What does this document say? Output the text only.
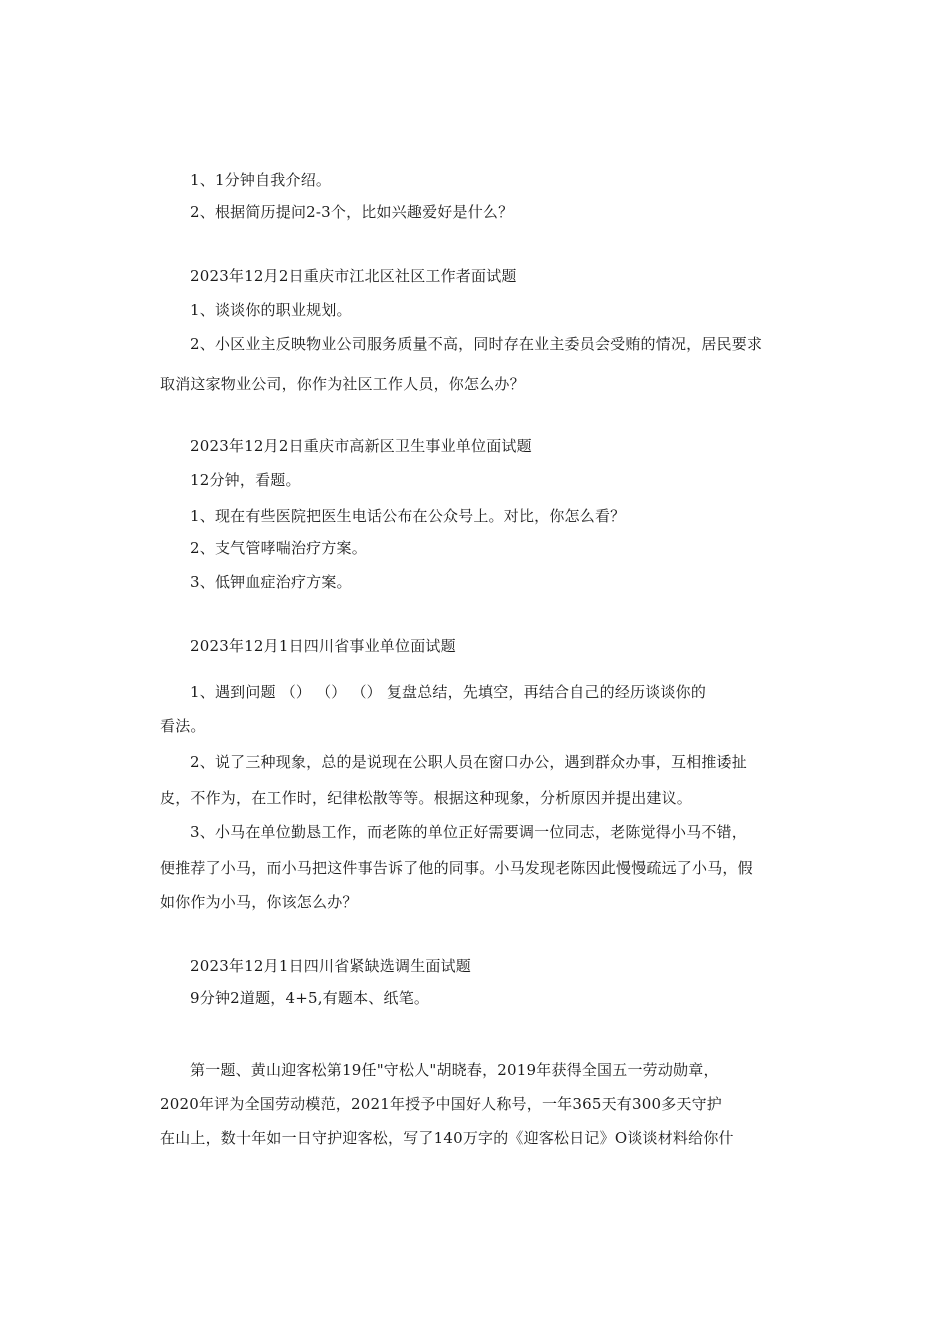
1、1分钟自我介绍。
2、根据简历提问2-3个，比如兴趣爱好是什么？
2023年12月2日重庆市江北区社区工作者面试题
1、谈谈你的职业规划。
2、小区业主反映物业公司服务质量不高，同时存在业主委员会受贿的情况，居民要求
取消这家物业公司，你作为社区工作人员，你怎么办？
2023年12月2日重庆市高新区卫生事业单位面试题
12分钟，看题。
1、现在有些医院把医生电话公布在公众号上。对比，你怎么看？
2、支气管哮喘治疗方案。
3、低钾血症治疗方案。
2023年12月1日四川省事业单位面试题
1、遇到问题 （） （） （） 复盘总结，先填空，再结合自己的经历谈谈你的
看法。
2、说了三种现象，总的是说现在公职人员在窗口办公，遇到群众办事，互相推诿扯
皮，不作为，在工作时，纪律松散等等。根据这种现象，分析原因并提出建议。
3、小马在单位勤恳工作，而老陈的单位正好需要调一位同志，老陈觉得小马不错，
便推荐了小马，而小马把这件事告诉了他的同事。小马发现老陈因此慢慢疏远了小马，假
如你作为小马，你该怎么办？
2023年12月1日四川省紧缺选调生面试题
9分钟2道题，4+5,有题本、纸笔。
第一题、黄山迎客松第19任"守松人"胡晓春，2019年获得全国五一劳动勋章，
2020年评为全国劳动模范，2021年授予中国好人称号，一年365天有300多天守护
在山上，数十年如一日守护迎客松，写了140万字的《迎客松日记》O谈谈材料给你什
